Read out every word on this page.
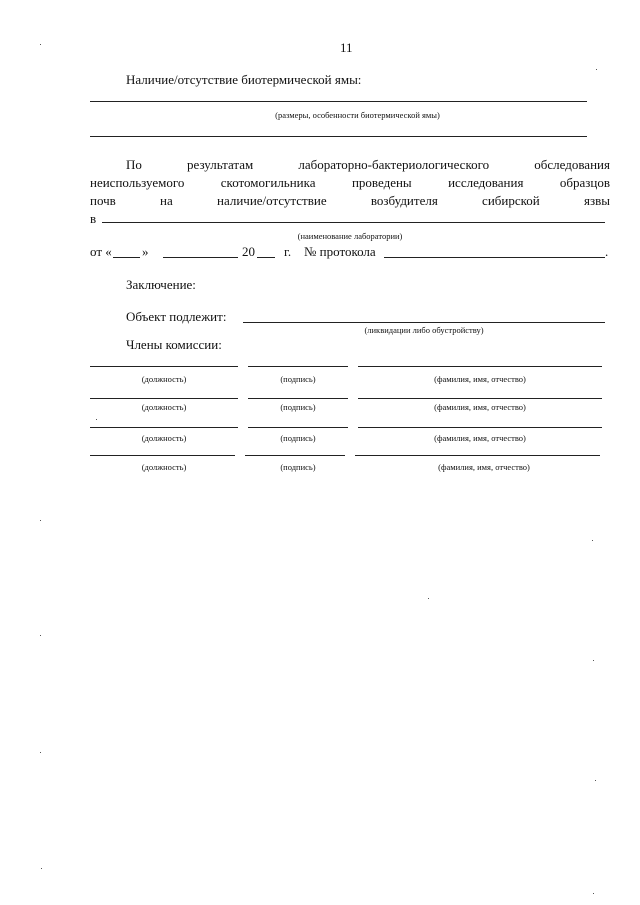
11
Наличие/отсутствие биотермической ямы:
(размеры, особенности биотермической ямы)
По	результатам	лабораторно-бактериологического	обследования
неиспользуемого	скотомогильника	проведены	исследования	образцов
почв	на	наличие/отсутствие	возбудителя	сибирской	язвы
в
(наименование лаборатории)
от « »	20 г. № протокола	.
Заключение:
Объект подлежит:
(ликвидации либо обустройству)
Члены комиссии:
(должность)	(подпись)	(фамилия, имя, отчество)
(должность)	(подпись)	(фамилия, имя, отчество)
(должность)	(подпись)	(фамилия, имя, отчество)
(должность)	(подпись)	(фамилия, имя, отчество)
